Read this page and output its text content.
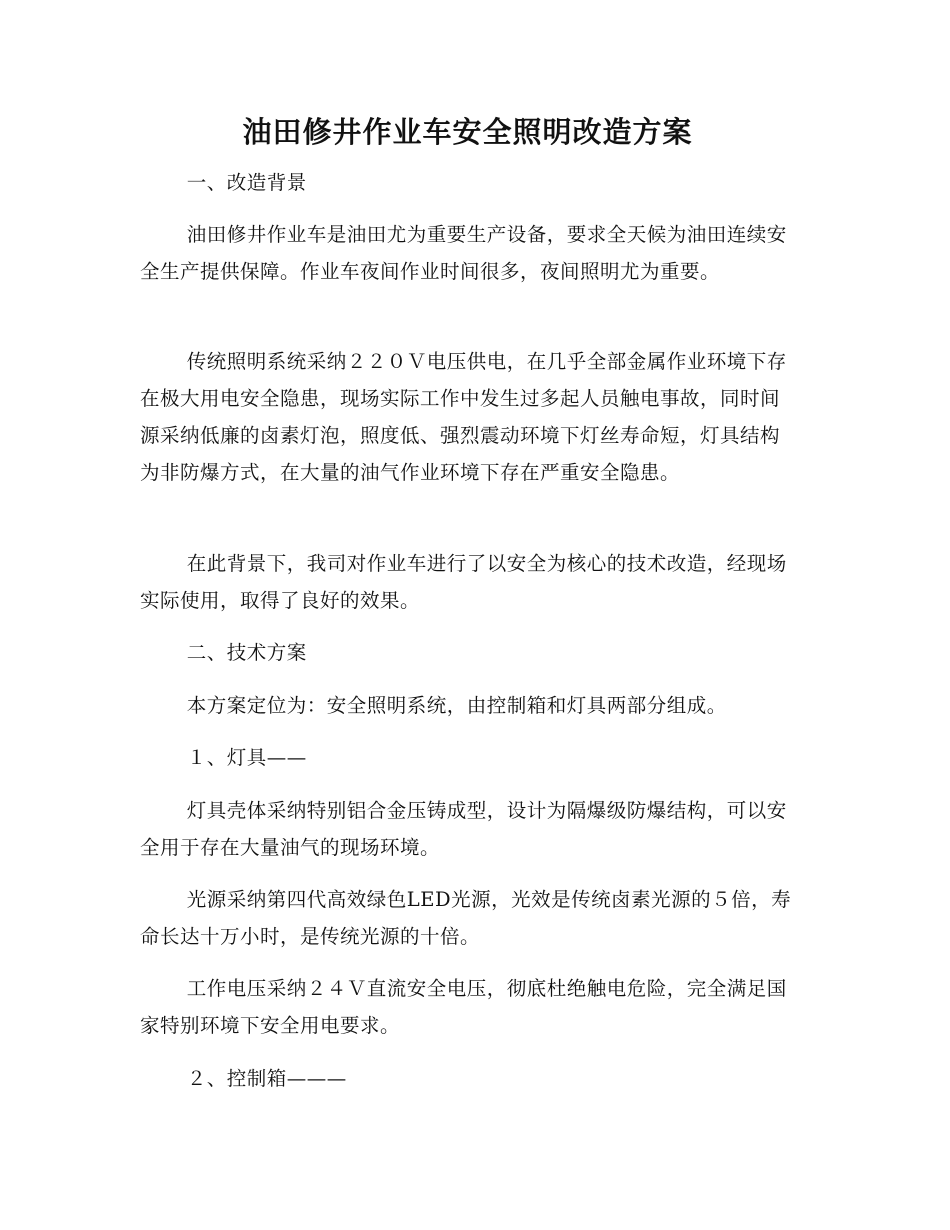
油田修井作业车安全照明改造方案

一、改造背景

油田修井作业车是油田尤为重要生产设备，要求全天候为油田连续安全生产提供保障。作业车夜间作业时间很多，夜间照明尤为重要。

传统照明系统采纳２２０Ｖ电压供电，在几乎全部金属作业环境下存在极大用电安全隐患，现场实际工作中发生过多起人员触电事故，同时间源采纳低廉的卤素灯泡，照度低、强烈震动环境下灯丝寿命短，灯具结构为非防爆方式，在大量的油气作业环境下存在严重安全隐患。

在此背景下，我司对作业车进行了以安全为核心的技术改造，经现场实际使用，取得了良好的效果。

二、技术方案

本方案定位为：安全照明系统，由控制箱和灯具两部分组成。

１、灯具——

灯具壳体采纳特别铝合金压铸成型，设计为隔爆级防爆结构，可以安全用于存在大量油气的现场环境。

光源采纳第四代高效绿色LED光源，光效是传统卤素光源的５倍，寿命长达十万小时，是传统光源的十倍。

工作电压采纳２４Ｖ直流安全电压，彻底杜绝触电危险，完全满足国家特别环境下安全用电要求。

２、控制箱———
